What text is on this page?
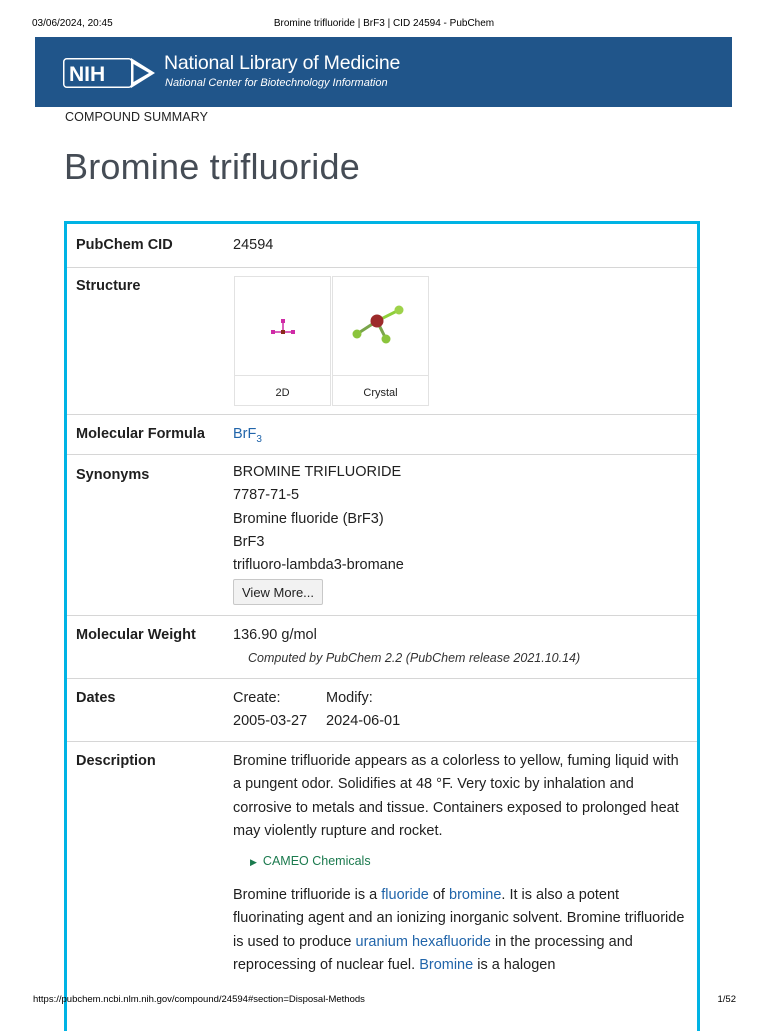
03/06/2024, 20:45	Bromine trifluoride | BrF3 | CID 24594 - PubChem
NIH	National Library of Medicine
National Center for Biotechnology Information
COMPOUND SUMMARY
Bromine trifluoride
PubChem CID	24594
Structure
2D	Crystal
Molecular Formula BrF$_3$
Synonyms	BROMINE TRIFLUORIDE
7787-71-5
Bromine fluoride (BrF3)
BrF3
trifluoro-lambda3-bromane
View More...
Molecular Weight	136.90 g/mol
Computed by PubChem 2.2 (PubChem release 2021.10.14)
Dates	Create:
2005-03-27
Modify:
2024-06-01
Description	Bromine trifluoride appears as a colorless to yellow, fuming liquid with a pungent odor. Solidifies at 48 °F. Very toxic by inhalation and corrosive to metals and tissue. Containers exposed to prolonged heat may violently rupture and rocket.
▶ CAMEO Chemicals
Bromine trifluoride is a fluoride of bromine. It is also a potent fluorinating agent and an ionizing inorganic solvent. Bromine trifluoride is used to produce uranium hexafluoride in the processing and reprocessing of nuclear fuel. Bromine is a halogen
https://pubchem.ncbi.nlm.nih.gov/compound/24594#section=Disposal-Methods	1/52
